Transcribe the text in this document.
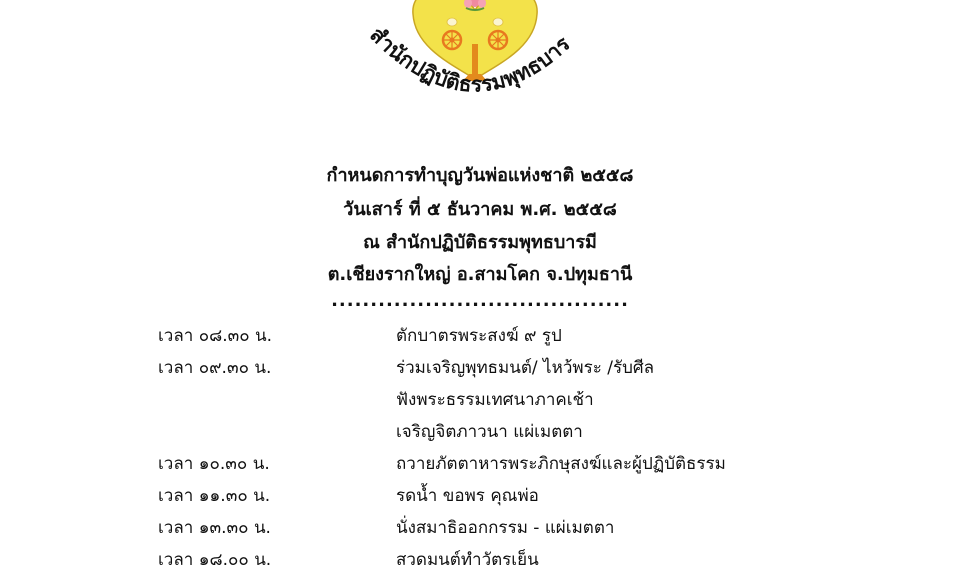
สำนักปฏิบัติธรรมพุทธบาร
กำหนดการทำบุญวันพ่อแห่งชาติ ๒๕๕๘
วันเสาร์ ที่ ๕ ธันวาคม พ.ศ. ๒๕๕๘
ณ สำนักปฏิบัติธรรมพุทธบารมี
ต.เชียงรากใหญ่ อ.สามโคก จ.ปทุมธานี
......................................
เวลา ๐๘.๓๐ น.	ตักบาตรพระสงฆ์ ๙ รูป
เวลา ๐๙.๓๐ น.	ร่วมเจริญพุทธมนต์/ ไหว้พระ /รับศีล
ฟังพระธรรมเทศนาภาคเช้า
เจริญจิตภาวนา แผ่เมตตา
เวลา ๑๐.๓๐ น.	ถวายภัตตาหารพระภิกษุสงฆ์และผู้ปฏิบัติธรรม
เวลา ๑๑.๓๐ น.	รดน้ำ ขอพร คุณพ่อ
เวลา ๑๓.๓๐ น.	นั่งสมาธิออกกรรม - แผ่เมตตา
เวลา ๑๘.๐๐ น.	สวดมนต์ทำวัตรเย็น
